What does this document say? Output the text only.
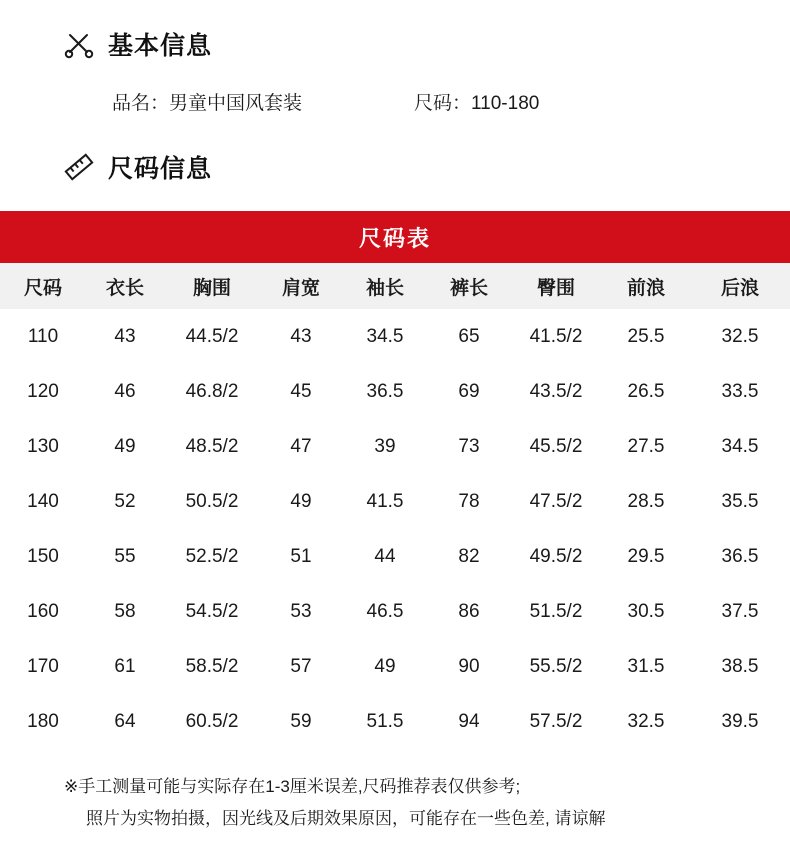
基本信息
品名：男童中国风套装	尺码：110-180
尺码信息
尺码表
尺码	衣长	胸围	肩宽	袖长	裤长	臀围	前浪	后浪
110	43	44.5/2	43	34.5	65	41.5/2	25.5	32.5
120	46	46.8/2	45	36.5	69	43.5/2	26.5	33.5
130	49	48.5/2	47	39	73	45.5/2	27.5	34.5
140	52	50.5/2	49	41.5	78	47.5/2	28.5	35.5
150	55	52.5/2	51	44	82	49.5/2	29.5	36.5
160	58	54.5/2	53	46.5	86	51.5/2	30.5	37.5
170	61	58.5/2	57	49	90	55.5/2	31.5	38.5
180	64	60.5/2	59	51.5	94	57.5/2	32.5	39.5
※手工测量可能与实际存在1-3厘米误差,尺码推荐表仅供参考;
照片为实物拍摄，因光线及后期效果原因，可能存在一些色差, 请谅解
